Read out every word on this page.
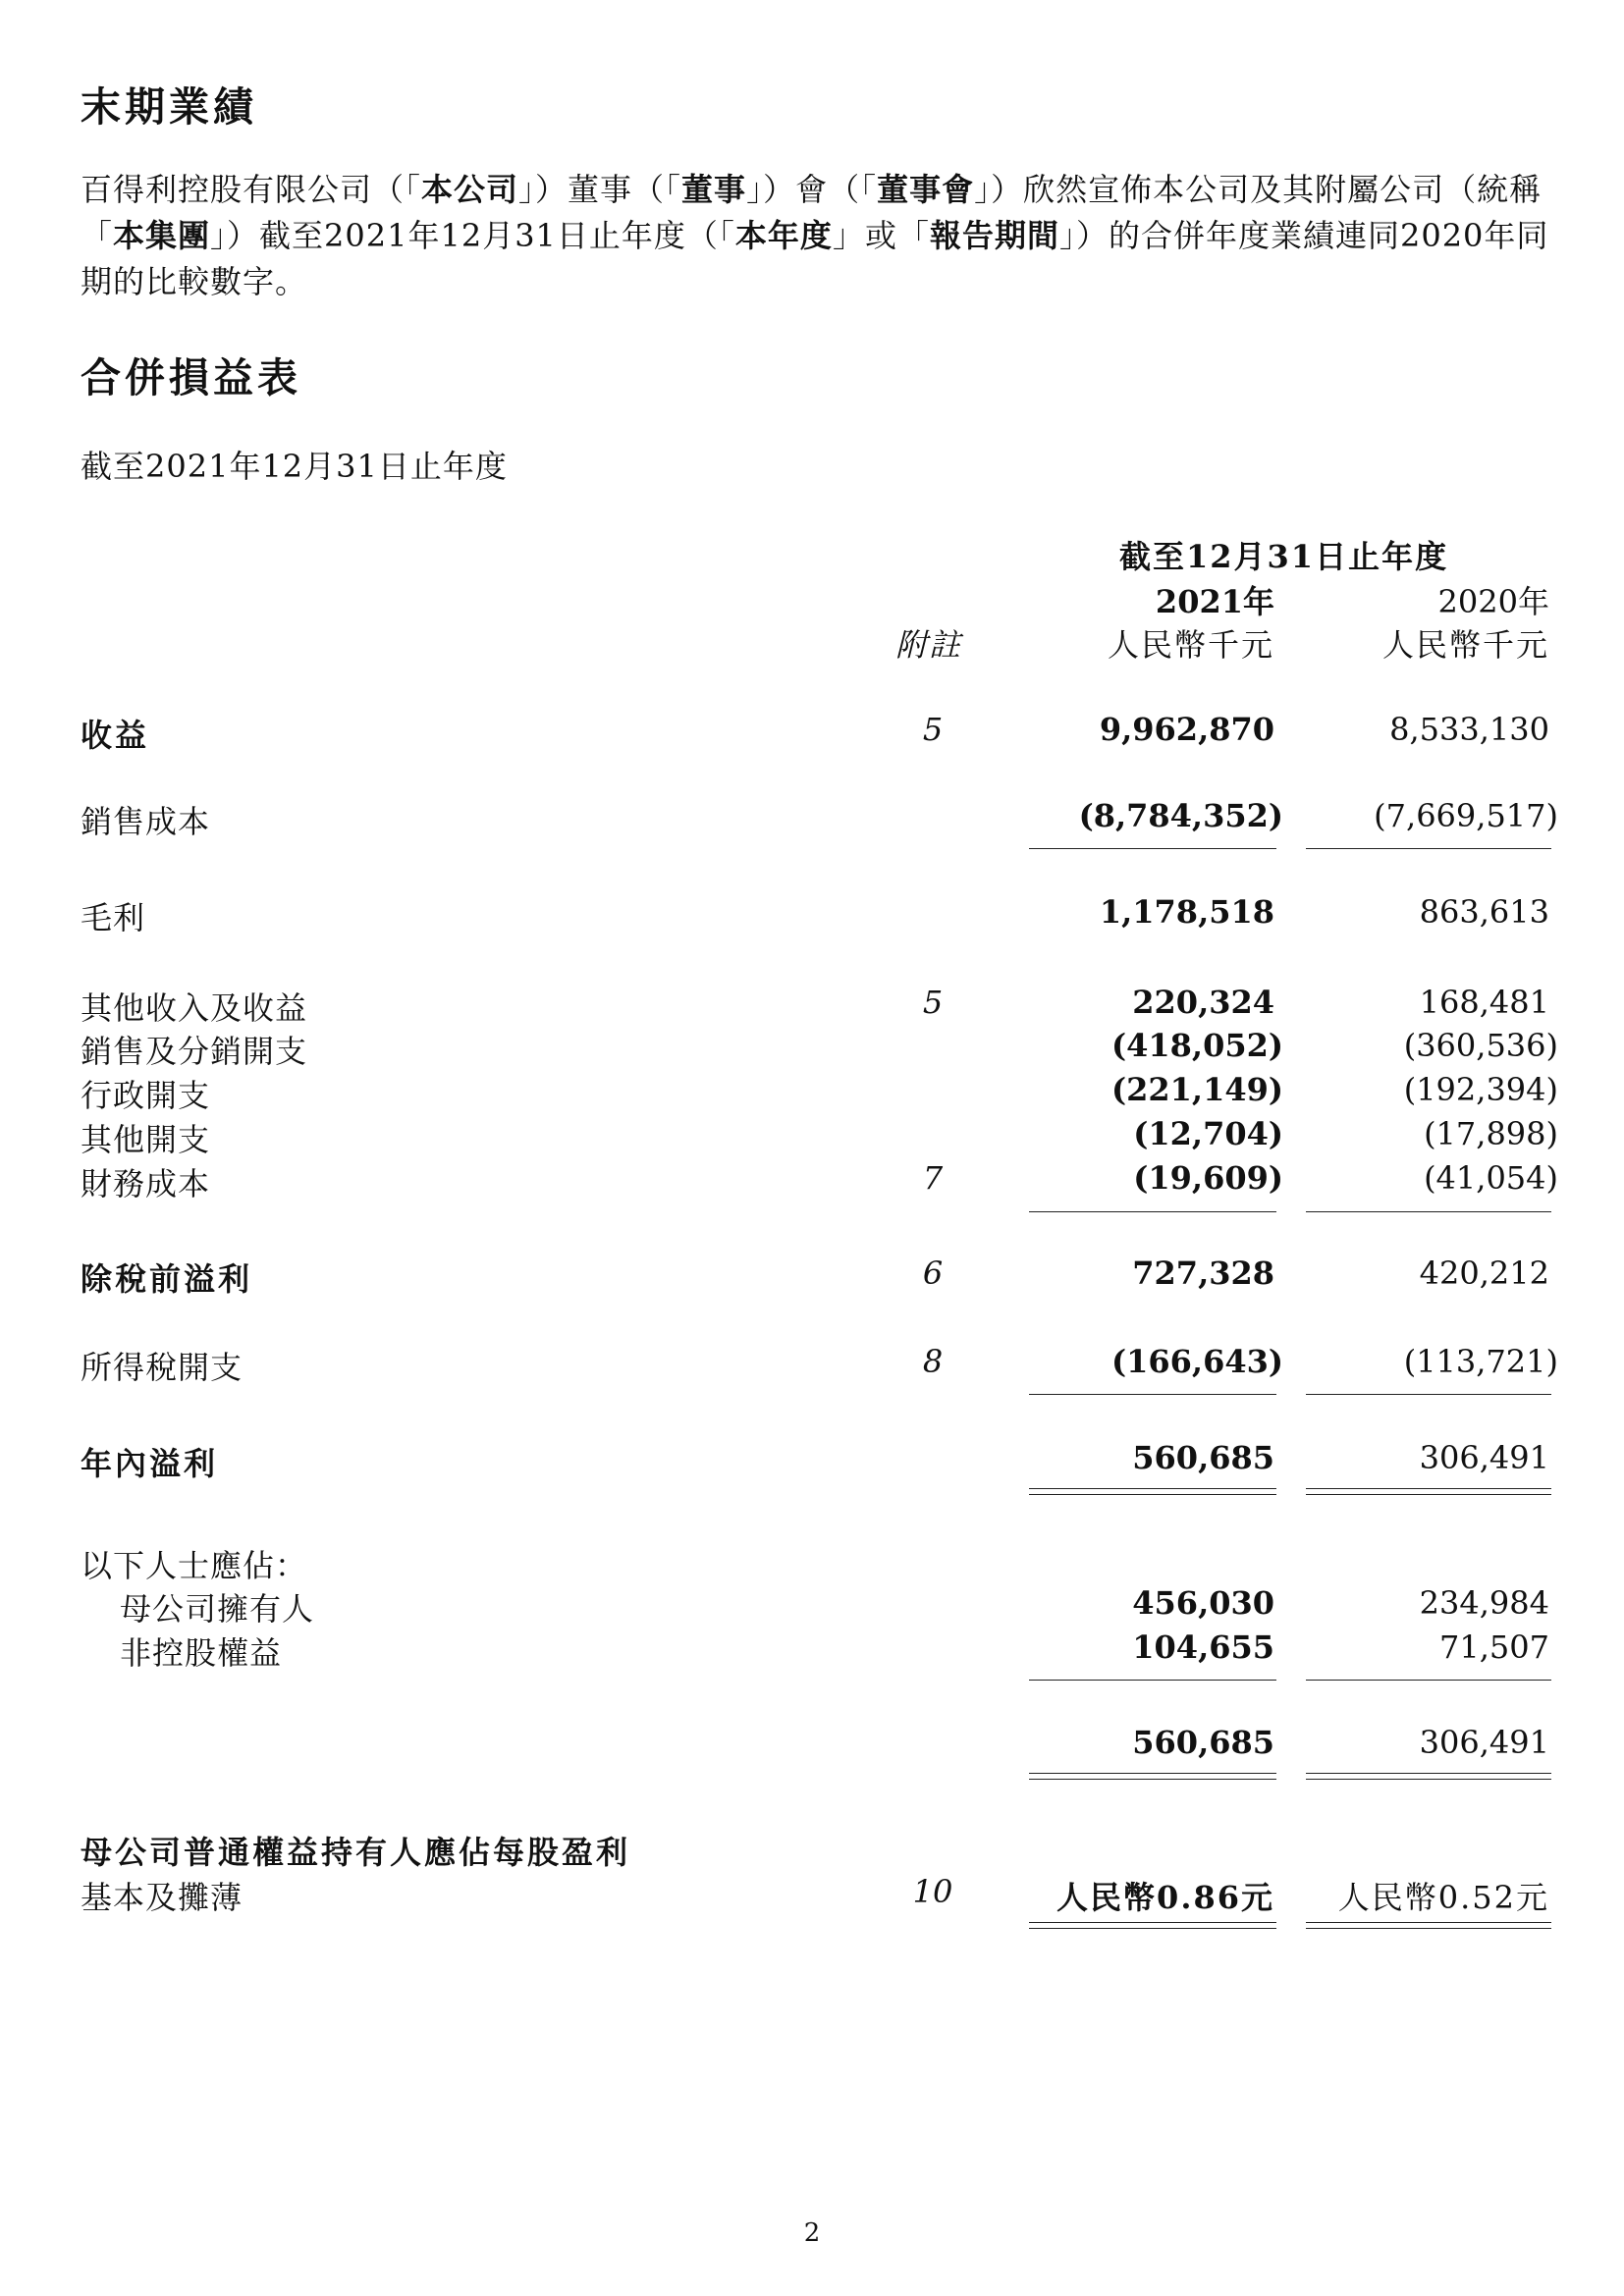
末期業績
百得利控股有限公司（「本公司」）董事（「董事」）會（「董事會」）欣然宣佈本公司及其附屬公司（統稱「本集團」）截至2021年12月31日止年度（「本年度」或「報告期間」）的合併年度業績連同2020年同期的比較數字。
合併損益表
截至2021年12月31日止年度
截至12月31日止年度
2021年	2020年
附註	人民幣千元	人民幣千元
收益	5	9,962,870	8,533,130
銷售成本	(8,784,352)	(7,669,517)
毛利	1,178,518	863,613
其他收入及收益	5	220,324	168,481
銷售及分銷開支	(418,052)	(360,536)
行政開支	(221,149)	(192,394)
其他開支	(12,704)	(17,898)
財務成本	7	(19,609)	(41,054)
除稅前溢利	6	727,328	420,212
所得稅開支	8	(166,643)	(113,721)
年內溢利	560,685	306,491
以下人士應佔：
母公司擁有人	456,030	234,984
非控股權益	104,655	71,507
560,685	306,491
母公司普通權益持有人應佔每股盈利
基本及攤薄	10	人民幣0.86元 人民幣0.52元
2
